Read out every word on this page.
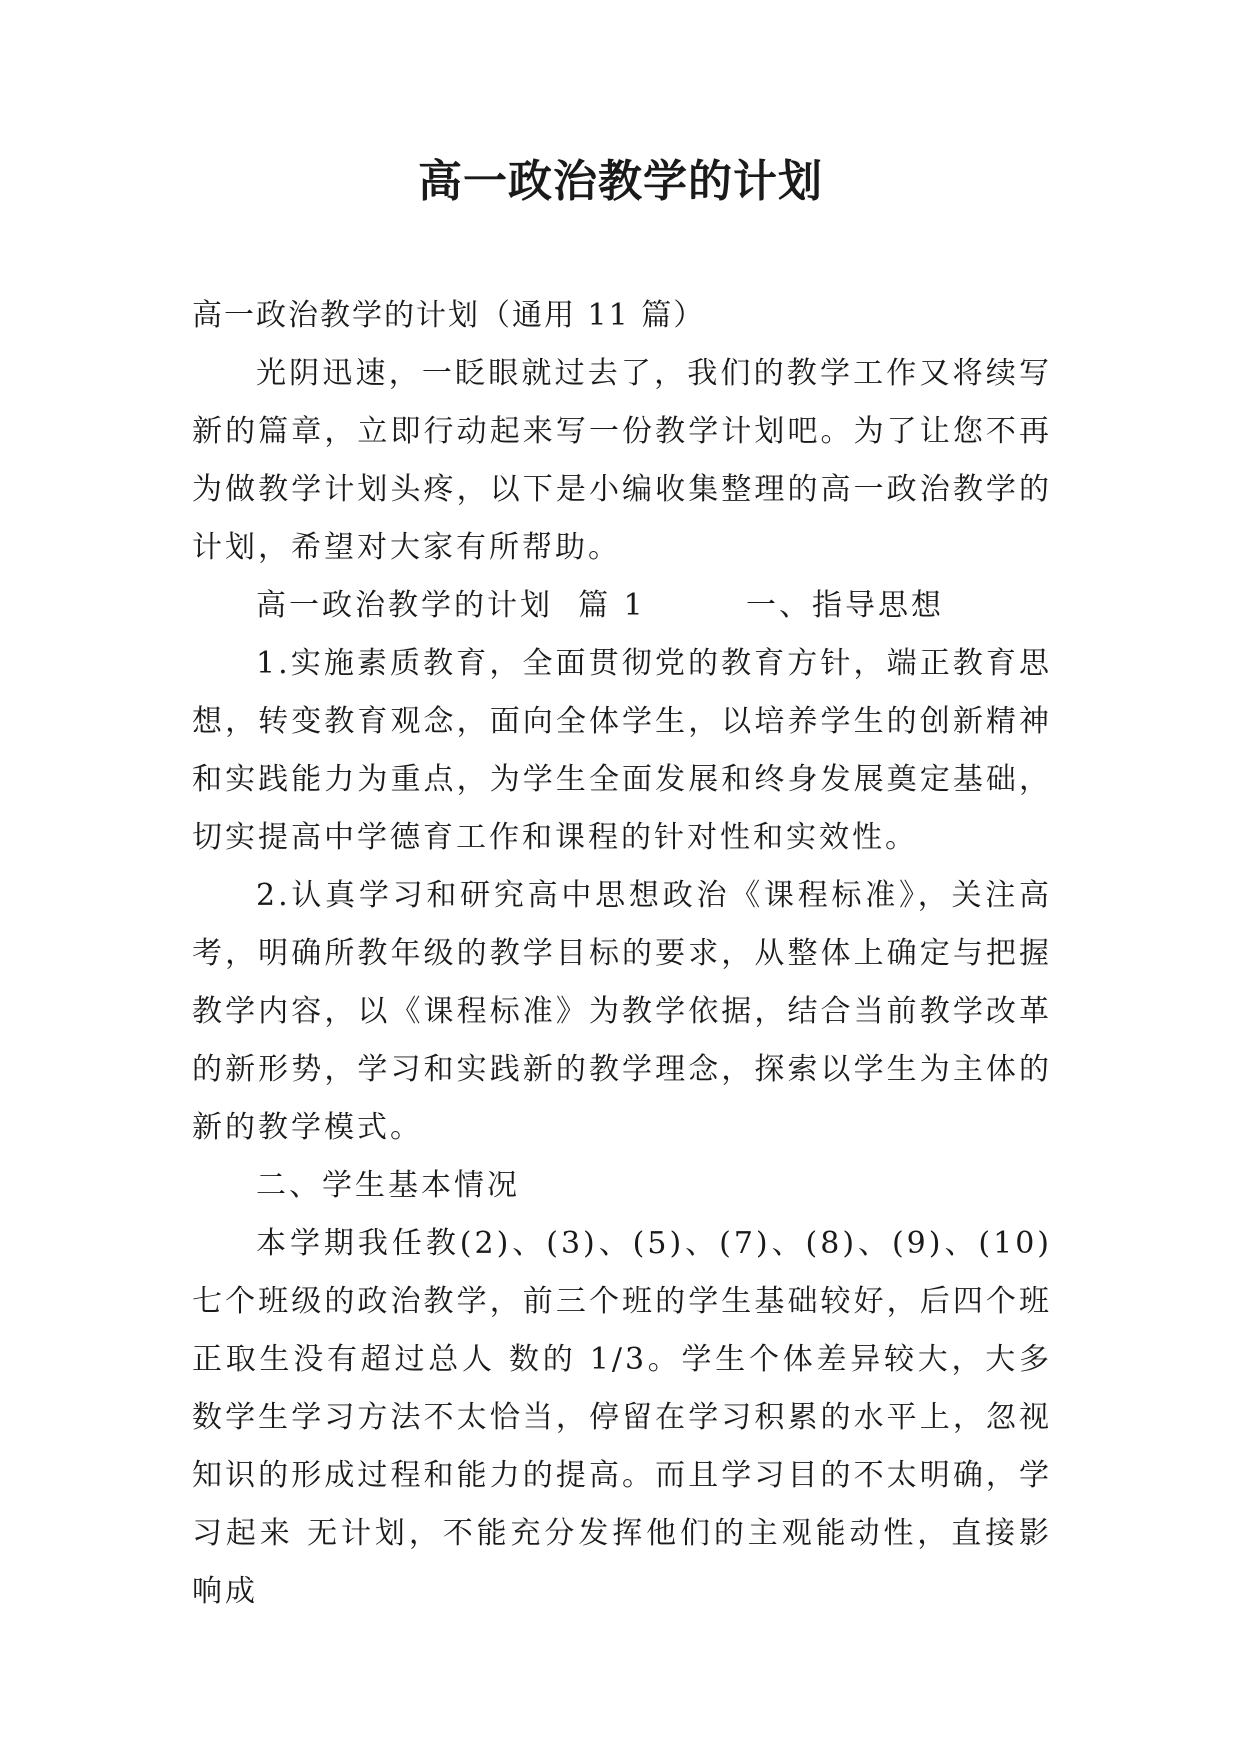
高一政治教学的计划

高一政治教学的计划（通用 11 篇）

光阴迅速，一眨眼就过去了，我们的教学工作又将续写新的篇章，立即行动起来写一份教学计划吧。为了让您不再为做教学计划头疼，以下是小编收集整理的高一政治教学的计划，希望对大家有所帮助。

高一政治教学的计划  篇 1        一、指导思想

1.实施素质教育，全面贯彻党的教育方针，端正教育思想，转变教育观念，面向全体学生，以培养学生的创新精神和实践能力为重点，为学生全面发展和终身发展奠定基础，切实提高中学德育工作和课程的针对性和实效性。

2.认真学习和研究高中思想政治《课程标准》，关注高考，明确所教年级的教学目标的要求，从整体上确定与把握教学内容，以《课程标准》为教学依据，结合当前教学改革的新形势，学习和实践新的教学理念，探索以学生为主体的新的教学模式。

二、学生基本情况

本学期我任教(2)、(3)、(5)、(7)、(8)、(9)、(10)七个班级的政治教学，前三个班的学生基础较好，后四个班正取生没有超过总人 数的 1/3。学生个体差异较大，大多数学生学习方法不太恰当，停留在学习积累的水平上，忽视知识的形成过程和能力的提高。而且学习目的不太明确，学习起来 无计划，不能充分发挥他们的主观能动性，直接影响成
